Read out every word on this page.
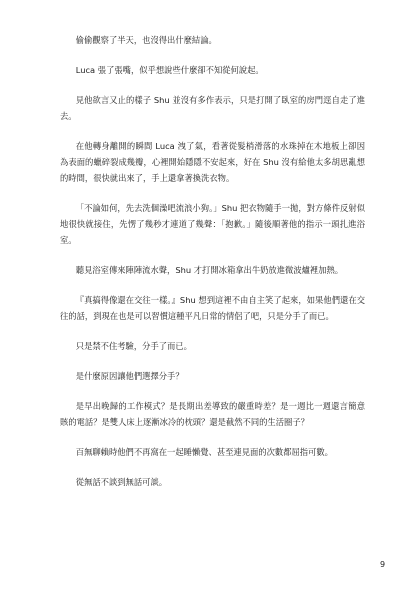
偷偷觀察了半天，也沒得出什麼結論。

Luca 張了張嘴，似乎想說些什麼卻不知從何說起。

見他欲言又止的樣子 Shu 並沒有多作表示，只是打開了臥室的房門逕自走了進去。

在他轉身離開的瞬間 Luca 洩了氣，看著從髮梢滑落的水珠掉在木地板上卻因為表面的蠟碎裂成幾瓣，心裡開始隱隱不安起來，好在 Shu 沒有給他太多胡思亂想的時間，很快就出來了，手上還拿著換洗衣物。

「不論如何，先去洗個澡吧流浪小狗。」Shu 把衣物隨手一拋，對方條件反射似地很快就接住，先愣了幾秒才連道了幾聲：「抱歉。」隨後順著他的指示一頭扎進浴室。

聽見浴室傳來陣陣流水聲，Shu 才打開冰箱拿出牛奶放進微波爐裡加熱。

『真搞得像還在交往一樣。』Shu 想到這裡不由自主笑了起來，如果他們還在交往的話，到現在也是可以習慣這種平凡日常的情侶了吧，只是分手了而已。

只是禁不住考驗，分手了而已。

是什麼原因讓他們選擇分手？

是早出晚歸的工作模式？是長期出差導致的嚴重時差？是一週比一週還言簡意賅的電話？是雙人床上逐漸冰冷的枕頭？還是截然不同的生活圈子？

百無聊賴時他們不再窩在一起睡懶覺、甚至連見面的次數都屈指可數。

從無話不談到無話可談。

9
